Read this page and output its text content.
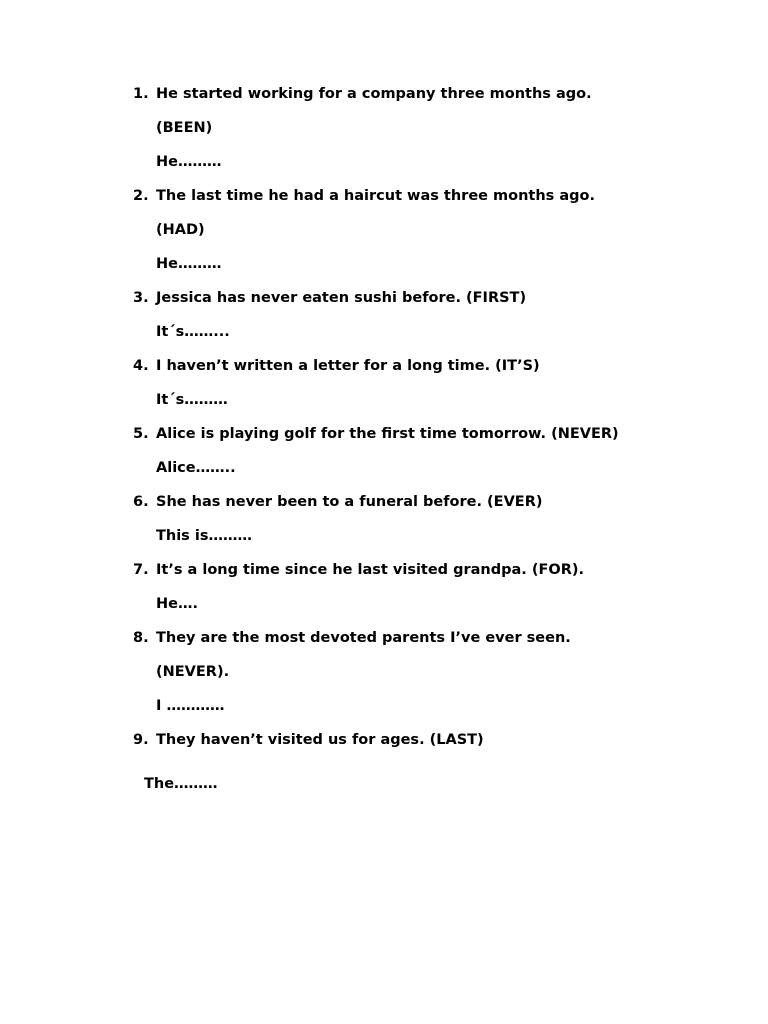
1. He started working for a company three months ago.
(BEEN)
He………
2. The last time he had a haircut was three months ago.
(HAD)
He………
3. Jessica has never eaten sushi before. (FIRST)
It´s……...
4. I haven’t written a letter for a long time. (IT’S)
It´s………
5. Alice is playing golf for the first time tomorrow. (NEVER)
Alice……..
6. She has never been to a funeral before. (EVER)
This is………
7. It’s a long time since he last visited grandpa. (FOR).
He….
8. They are the most devoted parents I’ve ever seen.
(NEVER).
I …………
9. They haven’t visited us for ages. (LAST)
The………
